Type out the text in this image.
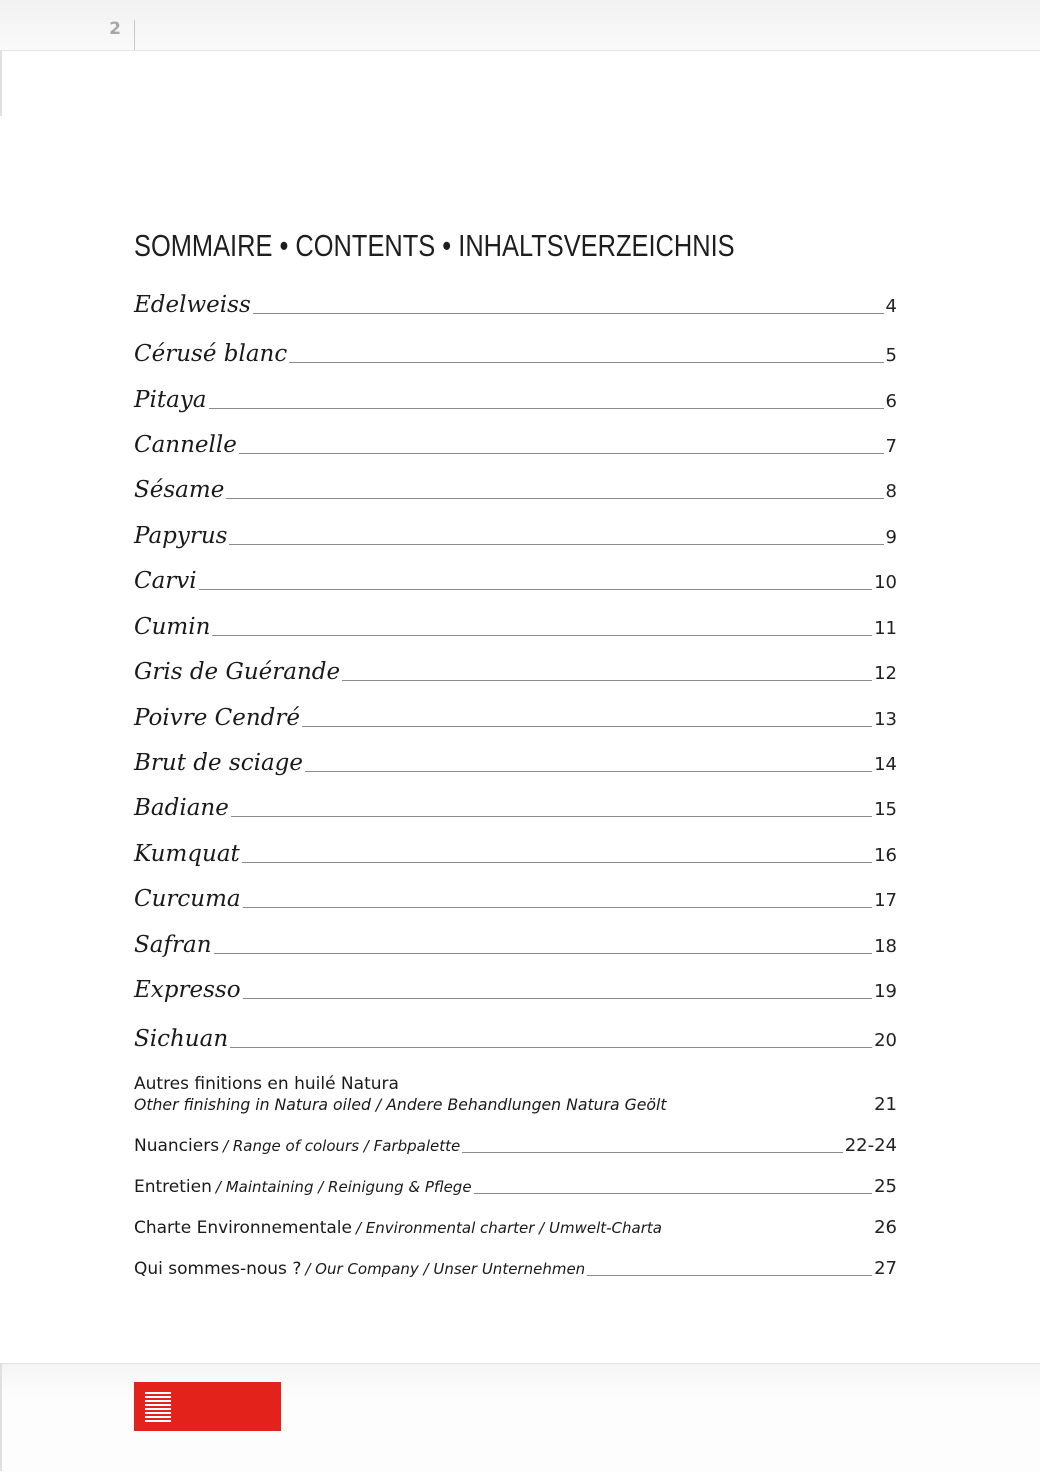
2
SOMMAIRE • CONTENTS • INHALTSVERZEICHNIS
Edelweiss	4
Cérusé blanc	5
Pitaya	6
Cannelle	7
Sésame	8
Papyrus	9
Carvi	10
Cumin	11
Gris de Guérande	12
Poivre Cendré	13
Brut de sciage	14
Badiane	15
Kumquat	16
Curcuma	17
Safran	18
Expresso	19
Sichuan	20
Autres finitions en huilé Natura
Other finishing in Natura oiled / Andere Behandlungen Natura Geölt	21
Nuanciers / Range of colours / Farbpalette	22-24
Entretien / Maintaining / Reinigung & Pflege	25
Charte Environnementale / Environmental charter / Umwelt-Charta	26
Qui sommes-nous ? / Our Company / Unser Unternehmen	27
